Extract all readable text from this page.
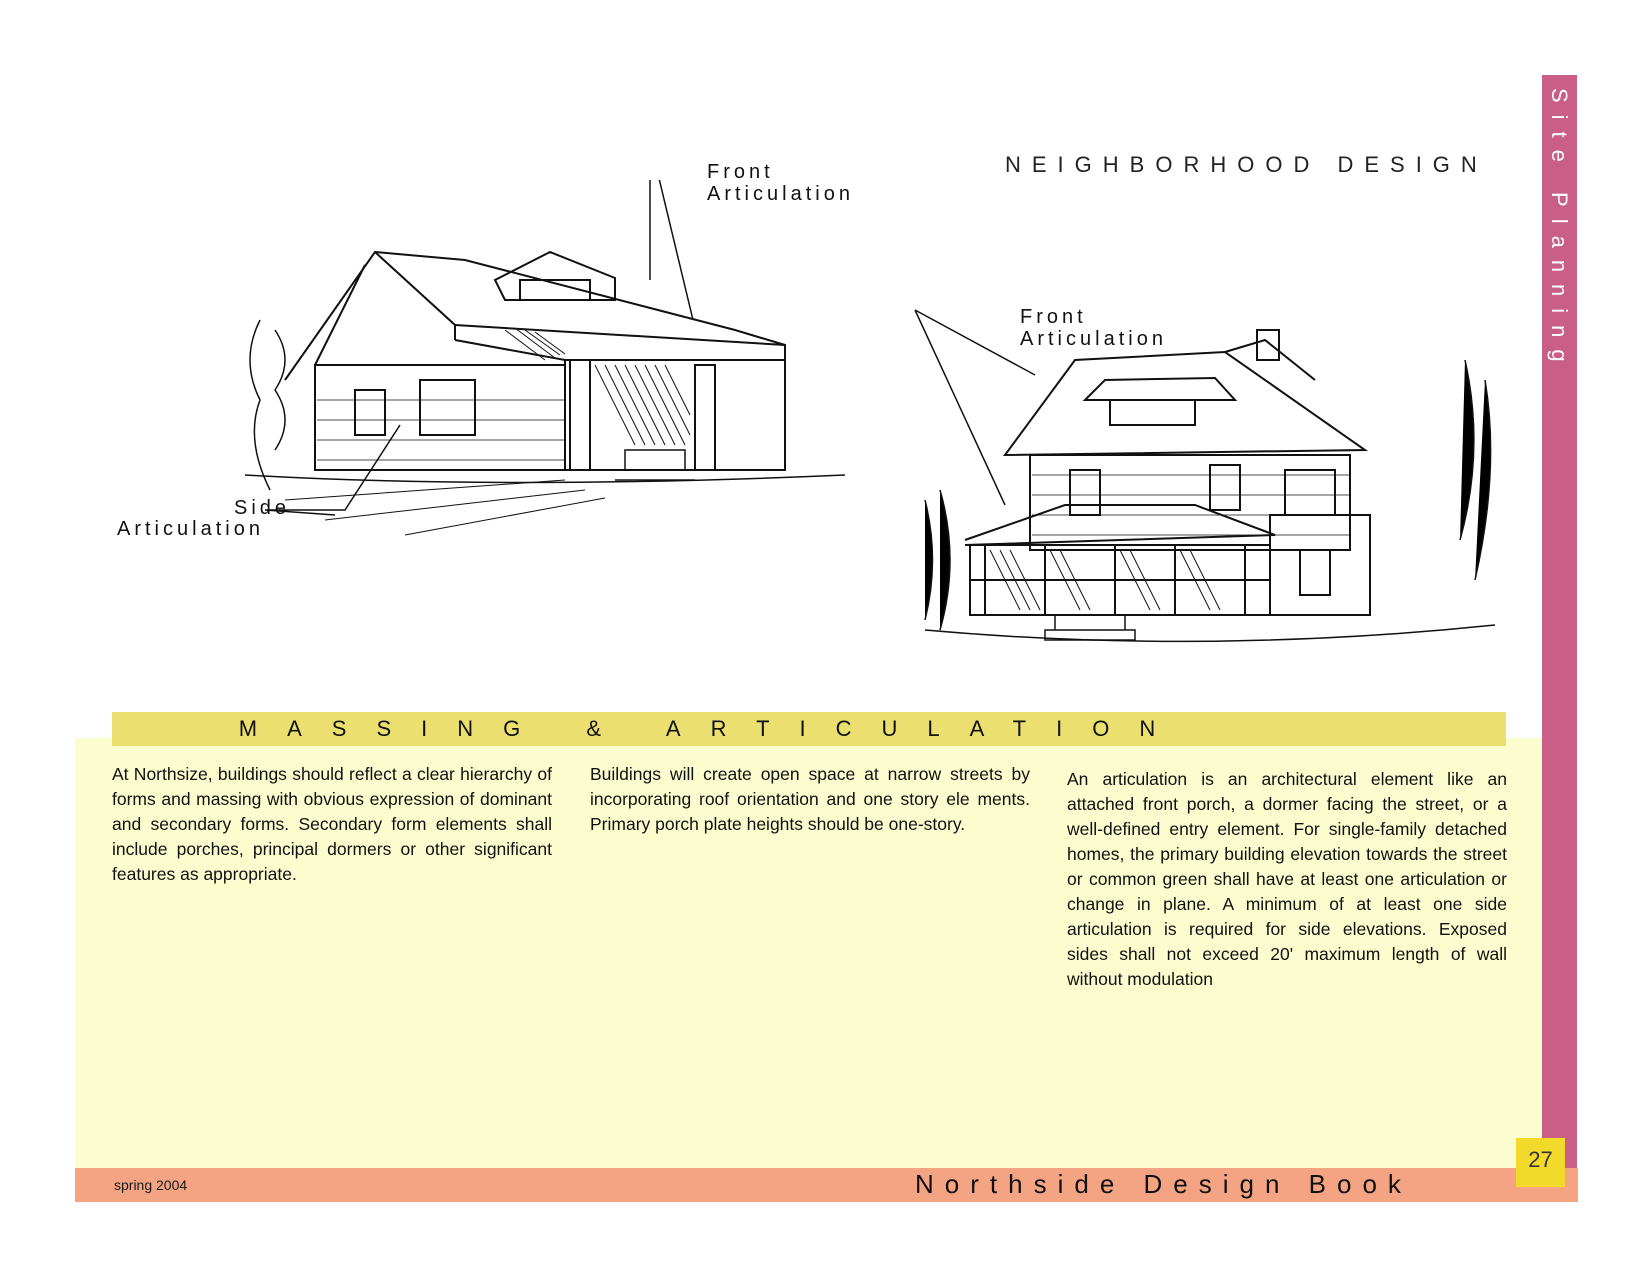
Site Planning
NEIGHBORHOOD DESIGN
Front
Articulation
Side
Articulation
Front
Articulation
MASSING & ARTICULATION
At Northsize, buildings should reflect a clear hierarchy of forms and massing with obvious expression of dominant and secondary forms. Secondary form elements shall include porches, principal dormers or other significant features as appropriate.
Buildings will create open space at narrow streets by incorporating roof orientation and one story ele ments. Primary porch plate heights should be one-story.
An articulation is an architectural element like an attached front porch, a dormer facing the street, or a well-defined entry element. For single-family detached homes, the primary building elevation towards the street or common green shall have at least one articulation or change in plane. A minimum of at least one side articulation is required for side elevations. Exposed sides shall not exceed 20' maximum length of wall without modulation
spring 2004	Northside Design Book
27
